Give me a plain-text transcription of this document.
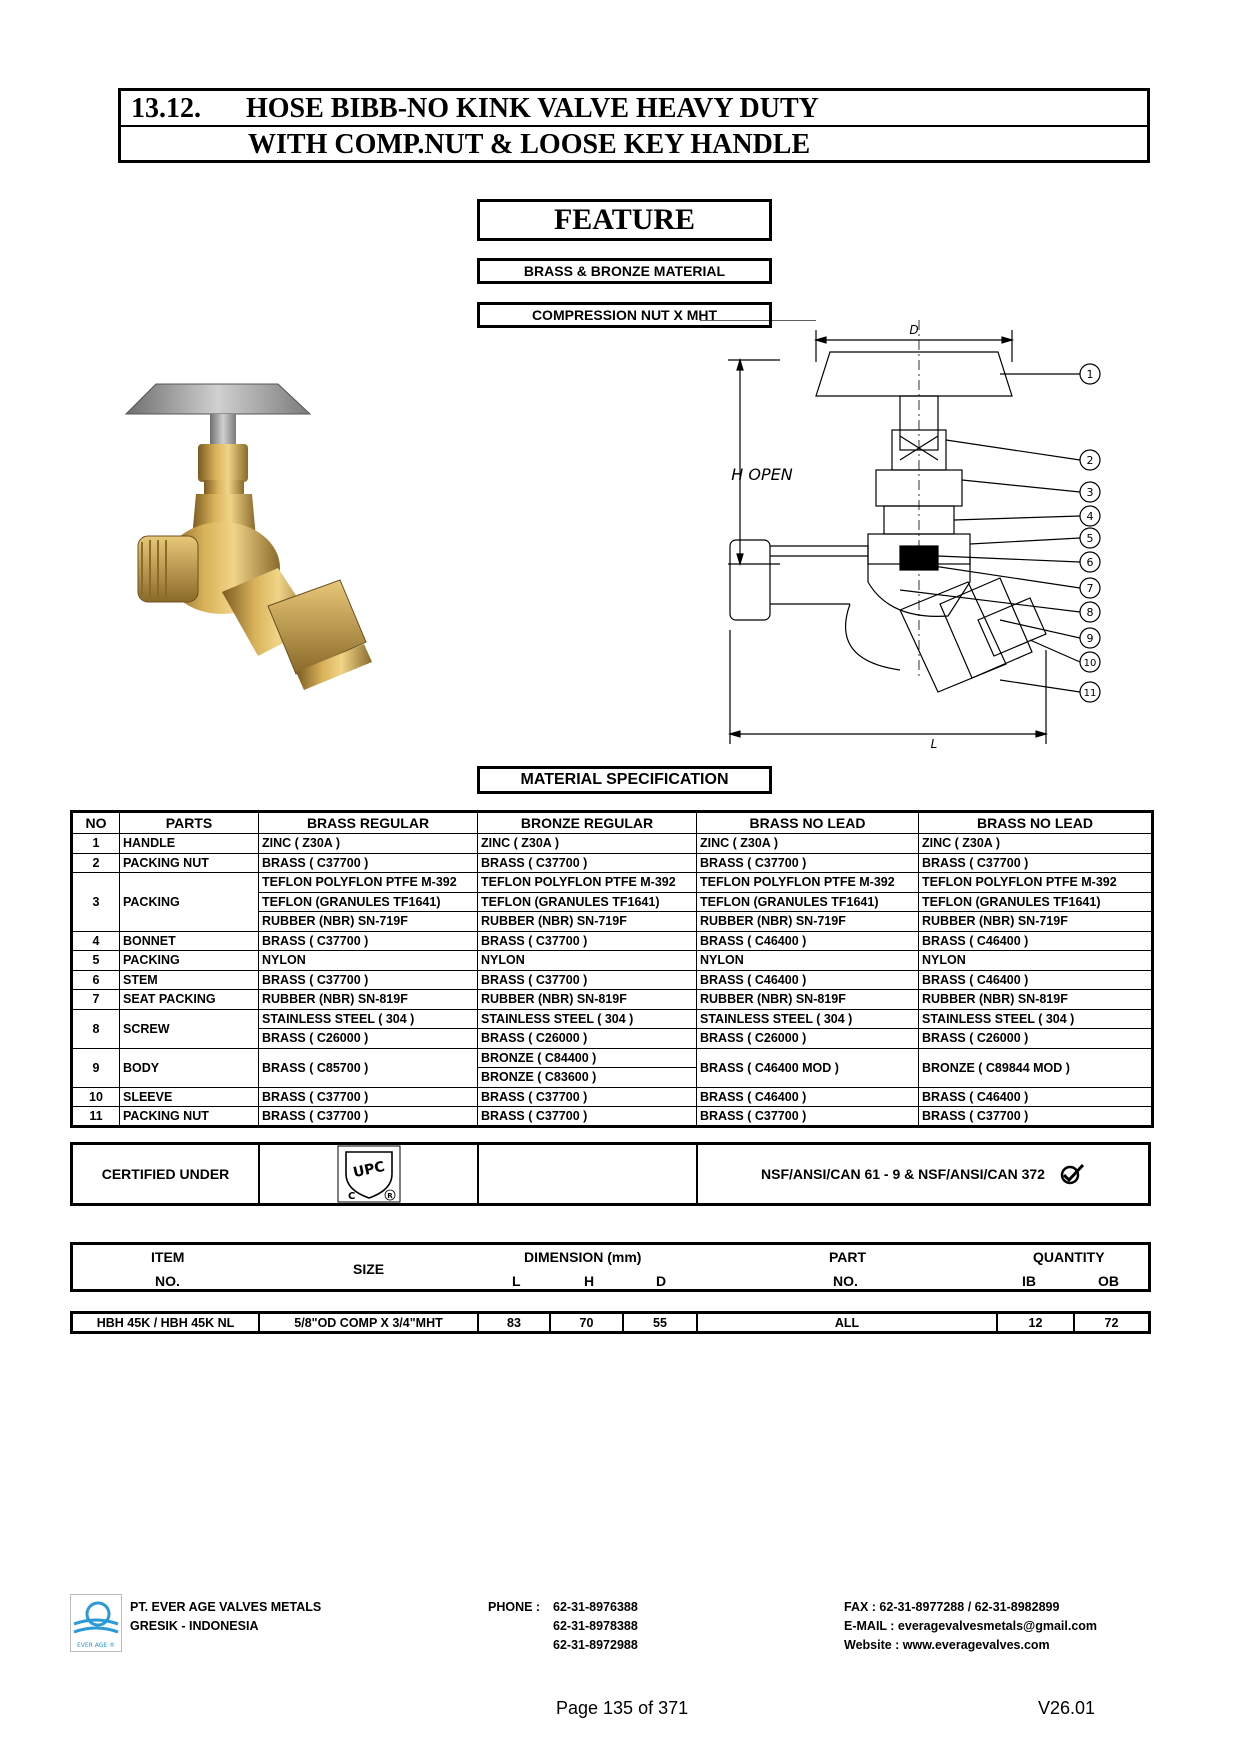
13.12. HOSE BIBB-NO KINK VALVE HEAVY DUTY
WITH COMP.NUT & LOOSE KEY HANDLE
FEATURE
BRASS & BRONZE MATERIAL
COMPRESSION NUT X MHT
D
H OPEN
L
1
2
3
4
5
6
7
8
9
10
11
MATERIAL SPECIFICATION
NO	PARTS	BRASS REGULAR	BRONZE REGULAR	BRASS NO LEAD	BRASS NO LEAD
1	HANDLE	ZINC ( Z30A )	ZINC ( Z30A )	ZINC ( Z30A )	ZINC ( Z30A )
2	PACKING NUT	BRASS ( C37700 )	BRASS ( C37700 )	BRASS ( C37700 )	BRASS ( C37700 )
3	PACKING	TEFLON POLYFLON PTFE M-392	TEFLON POLYFLON PTFE M-392	TEFLON POLYFLON PTFE M-392	TEFLON POLYFLON PTFE M-392
		TEFLON (GRANULES TF1641)	TEFLON (GRANULES TF1641)	TEFLON (GRANULES TF1641)	TEFLON (GRANULES TF1641)
		RUBBER (NBR) SN-719F	RUBBER (NBR) SN-719F	RUBBER (NBR) SN-719F	RUBBER (NBR) SN-719F
4	BONNET	BRASS ( C37700 )	BRASS ( C37700 )	BRASS ( C46400 )	BRASS ( C46400 )
5	PACKING	NYLON	NYLON	NYLON	NYLON
6	STEM	BRASS ( C37700 )	BRASS ( C37700 )	BRASS ( C46400 )	BRASS ( C46400 )
7	SEAT PACKING	RUBBER (NBR) SN-819F	RUBBER (NBR) SN-819F	RUBBER (NBR) SN-819F	RUBBER (NBR) SN-819F
8	SCREW	STAINLESS STEEL ( 304 )	STAINLESS STEEL ( 304 )	STAINLESS STEEL ( 304 )	STAINLESS STEEL ( 304 )
		BRASS ( C26000 )	BRASS ( C26000 )	BRASS ( C26000 )	BRASS ( C26000 )
9	BODY	BRASS ( C85700 )	BRONZE ( C84400 )	BRASS ( C46400 MOD )	BRONZE ( C89844 MOD )
			BRONZE ( C83600 )		
10	SLEEVE	BRASS ( C37700 )	BRASS ( C37700 )	BRASS ( C46400 )	BRASS ( C46400 )
11	PACKING NUT	BRASS ( C37700 )	BRASS ( C37700 )	BRASS ( C37700 )	BRASS ( C37700 )
CERTIFIED UNDER	UPC
C	R
NSF/ANSI/CAN 61 - 9 & NSF/ANSI/CAN 372
ITEM
NO.
SIZE
DIMENSION (mm)
L	H	D
PART
NO.
QUANTITY
IB	OB
HBH 45K / HBH 45K NL	5/8"OD COMP X 3/4"MHT	83	70	55	ALL	12	72
EVER AGE ®
PT. EVER AGE VALVES METALS
GRESIK - INDONESIA
PHONE : 62-31-8976388
62-31-8978388
62-31-8972988
FAX : 62-31-8977288 / 62-31-8982899
E-MAIL : everagevalvesmetals@gmail.com
Website : www.everagevalves.com
Page 135 of 371	V26.01
